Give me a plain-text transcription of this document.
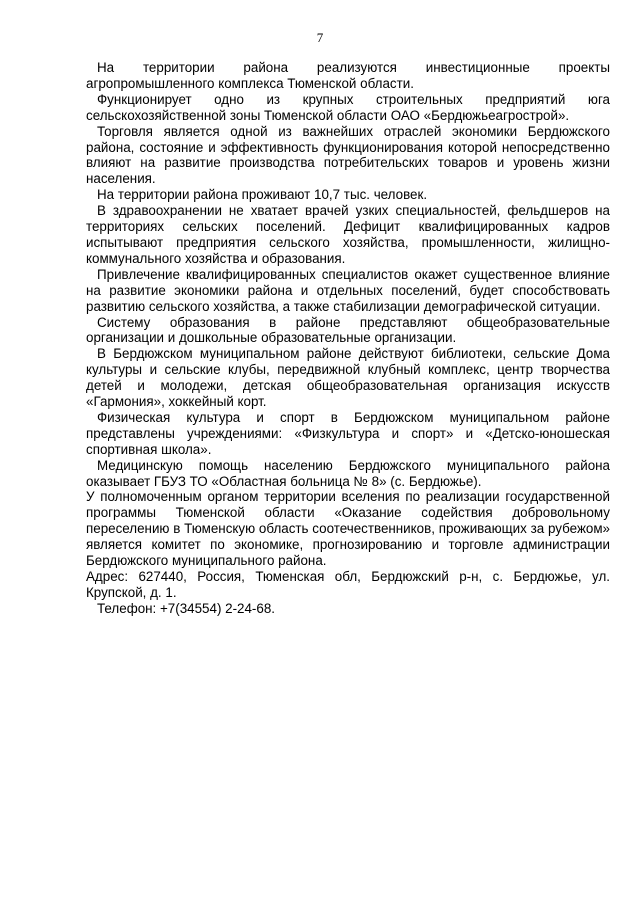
7

На территории района реализуются инвестиционные проекты агропромышленного комплекса Тюменской области.

Функционирует одно из крупных строительных предприятий юга сельскохозяйственной зоны Тюменской области ОАО «Бердюжьеагрострой».

Торговля является одной из важнейших отраслей экономики Бердюжского района, состояние и эффективность функционирования которой непосредственно влияют на развитие производства потребительских товаров и уровень жизни населения.

На территории района проживают 10,7 тыс. человек.

В здравоохранении не хватает врачей узких специальностей, фельдшеров на территориях сельских поселений. Дефицит квалифицированных кадров испытывают предприятия сельского хозяйства, промышленности, жилищно-коммунального хозяйства и образования.

Привлечение квалифицированных специалистов окажет существенное влияние на развитие экономики района и отдельных поселений, будет способствовать развитию сельского хозяйства, а также стабилизации демографической ситуации.

Систему образования в районе представляют общеобразовательные организации и дошкольные образовательные организации.

В Бердюжском муниципальном районе действуют библиотеки, сельские Дома культуры и сельские клубы, передвижной клубный комплекс, центр творчества детей и молодежи, детская общеобразовательная организация искусств «Гармония», хоккейный корт.

Физическая культура и спорт в Бердюжском муниципальном районе представлены учреждениями: «Физкультура и спорт» и «Детско-юношеская спортивная школа».

Медицинскую помощь населению Бердюжского муниципального района оказывает ГБУЗ ТО «Областная больница № 8» (с. Бердюжье).

У полномоченным органом территории вселения по реализации государственной программы Тюменской области «Оказание содействия добровольному переселению в Тюменскую область соотечественников, проживающих за рубежом» является комитет по экономике, прогнозированию и торговле администрации Бердюжского муниципального района.

Адрес: 627440, Россия, Тюменская обл, Бердюжский р-н, с. Бердюжье, ул. Крупской, д. 1.

Телефон: +7(34554) 2-24-68.
